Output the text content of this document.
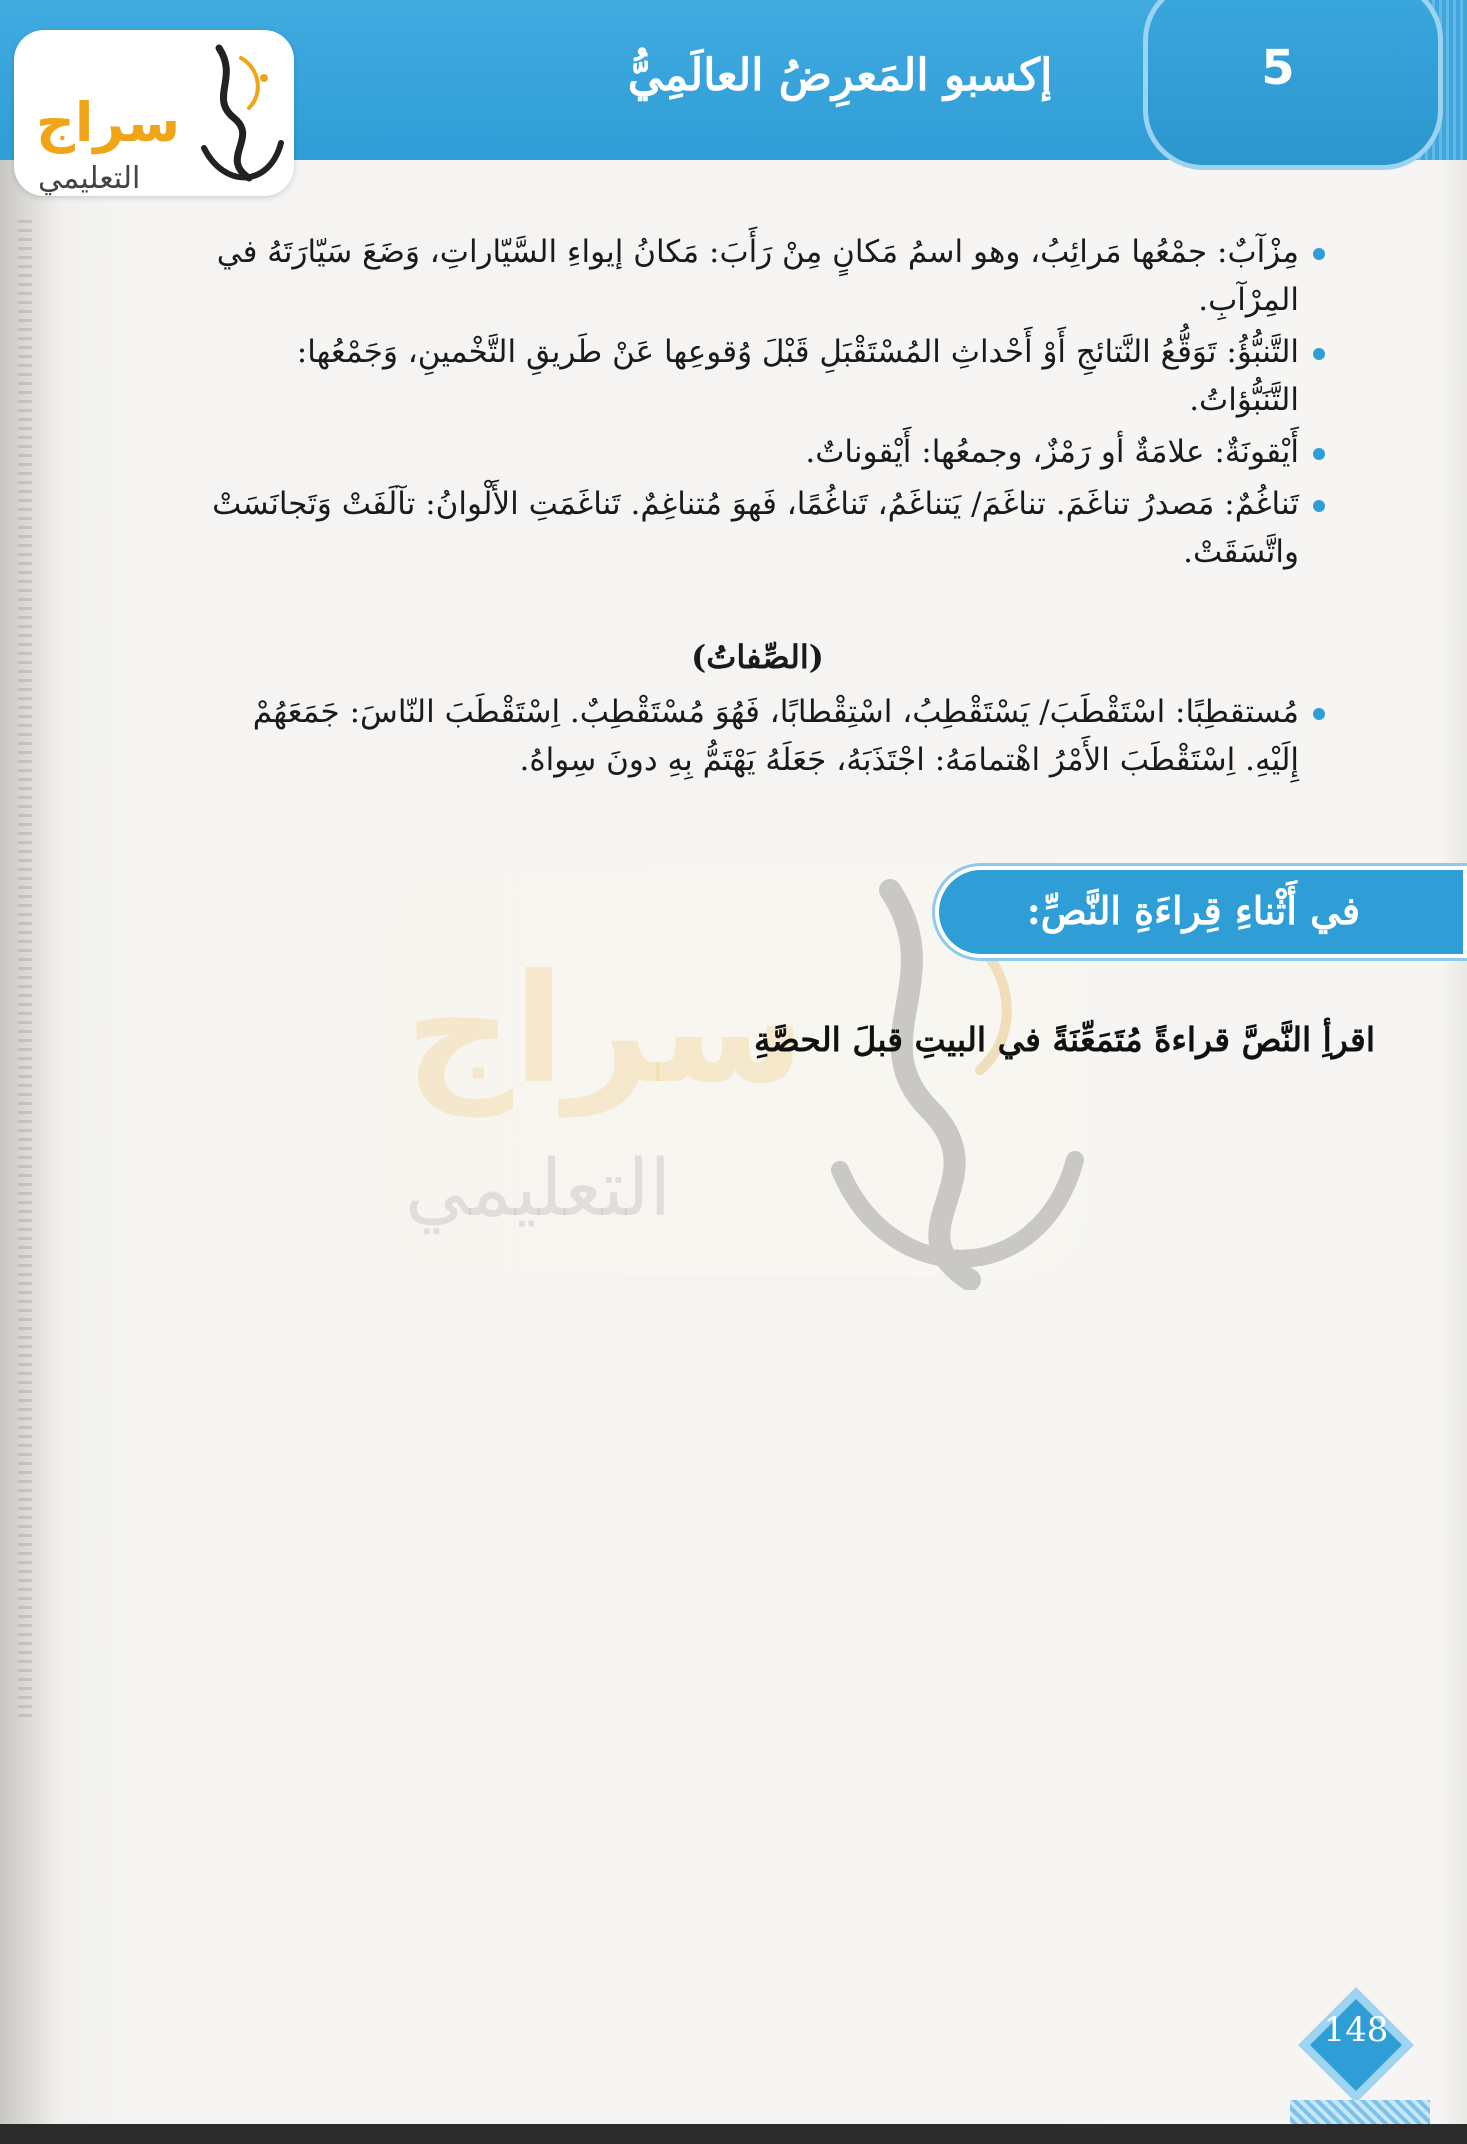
5
إكسبو المَعرِضُ العالَمِيُّ
سراج
التعليمي
مِزْآبٌ: جمْعُها مَرائِبُ، وهو اسمُ مَكانٍ مِنْ رَأَبَ: مَكانُ إيواءِ السَّيّاراتِ، وَضَعَ سَيّارَتَهُ في المِرْآبِ.
التَّنبُّؤُ: تَوَقُّعُ النَّتائجِ أَوْ أَحْداثِ المُسْتَقْبَلِ قَبْلَ وُقوعِها عَنْ طَريقِ التَّخْمينِ، وَجَمْعُها: التَّنَبُّؤاتُ.
أَيْقونَةٌ: علامَةٌ أو رَمْزٌ، وجمعُها: أَيْقوناتٌ.
تَناغُمٌ: مَصدرُ تناغَمَ. تناغَمَ/ يَتناغَمُ، تَناغُمًا، فَهوَ مُتناغِمٌ. تَناغَمَتِ الأَلْوانُ: تآلَفَتْ وَتَجانَسَتْ واتَّسَقَتْ.
(الصِّفاتُ)
مُستقطِبًا: اسْتَقْطَبَ/ يَسْتَقْطِبُ، اسْتِقْطابًا، فَهُوَ مُسْتَقْطِبٌ. اِسْتَقْطَبَ النّاسَ: جَمَعَهُمْ إِلَيْهِ. اِسْتَقْطَبَ الأَمْرُ اهْتمامَهُ: اجْتَذَبَهُ، جَعَلَهُ يَهْتَمُّ بِهِ دونَ سِواهُ.
سراج
التعليمي
في أَثْناءِ قِراءَةِ النَّصِّ:
اقرأِ النَّصَّ قراءةً مُتَمَعِّنَةً في البيتِ قبلَ الحصَّةِ
148
